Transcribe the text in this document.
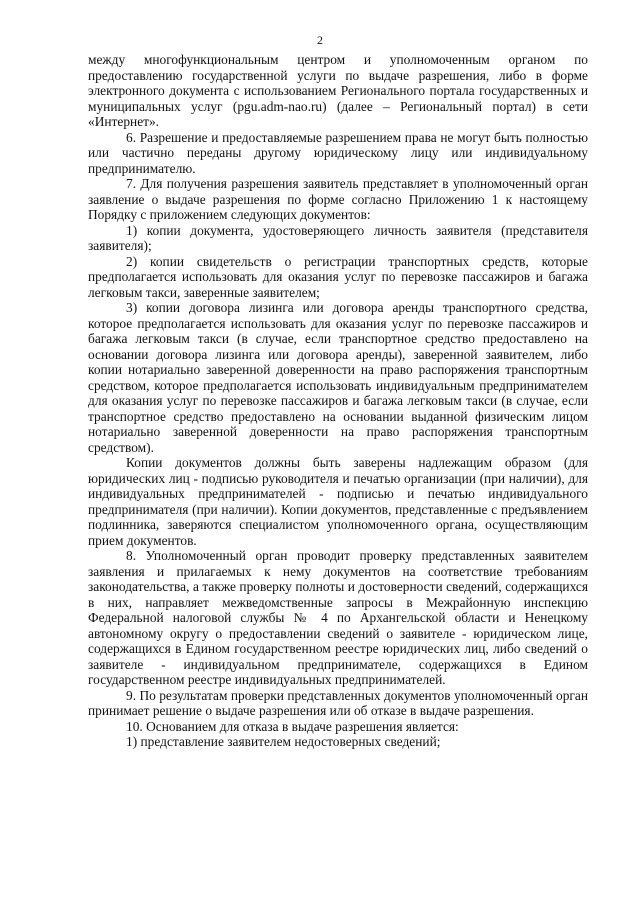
2

между многофункциональным центром и уполномоченным органом по предоставлению государственной услуги по выдаче разрешения, либо в форме электронного документа с использованием Регионального портала государственных и муниципальных услуг (pgu.adm-nao.ru) (далее – Региональный портал) в сети «Интернет».

6. Разрешение и предоставляемые разрешением права не могут быть полностью или частично переданы другому юридическому лицу или индивидуальному предпринимателю.

7. Для получения разрешения заявитель представляет в уполномоченный орган заявление о выдаче разрешения по форме согласно Приложению 1 к настоящему Порядку с приложением следующих документов:

1) копии документа, удостоверяющего личность заявителя (представителя заявителя);

2) копии свидетельств о регистрации транспортных средств, которые предполагается использовать для оказания услуг по перевозке пассажиров и багажа легковым такси, заверенные заявителем;

3) копии договора лизинга или договора аренды транспортного средства, которое предполагается использовать для оказания услуг по перевозке пассажиров и багажа легковым такси (в случае, если транспортное средство предоставлено на основании договора лизинга или договора аренды), заверенной заявителем, либо копии нотариально заверенной доверенности на право распоряжения транспортным средством, которое предполагается использовать индивидуальным предпринимателем для оказания услуг по перевозке пассажиров и багажа легковым такси (в случае, если транспортное средство предоставлено на основании выданной физическим лицом нотариально заверенной доверенности на право распоряжения транспортным средством).

Копии документов должны быть заверены надлежащим образом (для юридических лиц - подписью руководителя и печатью организации (при наличии), для индивидуальных предпринимателей - подписью и печатью индивидуального предпринимателя (при наличии). Копии документов, представленные с предъявлением подлинника, заверяются специалистом уполномоченного органа, осуществляющим прием документов.

8. Уполномоченный орган проводит проверку представленных заявителем заявления и прилагаемых к нему документов на соответствие требованиям законодательства, а также проверку полноты и достоверности сведений, содержащихся в них, направляет межведомственные запросы в Межрайонную инспекцию Федеральной налоговой службы № 4 по Архангельской области и Ненецкому автономному округу о предоставлении сведений о заявителе - юридическом лице, содержащихся в Едином государственном реестре юридических лиц, либо сведений о заявителе - индивидуальном предпринимателе, содержащихся в Едином государственном реестре индивидуальных предпринимателей.

9. По результатам проверки представленных документов уполномоченный орган принимает решение о выдаче разрешения или об отказе в выдаче разрешения.

10. Основанием для отказа в выдаче разрешения является:

1) представление заявителем недостоверных сведений;
